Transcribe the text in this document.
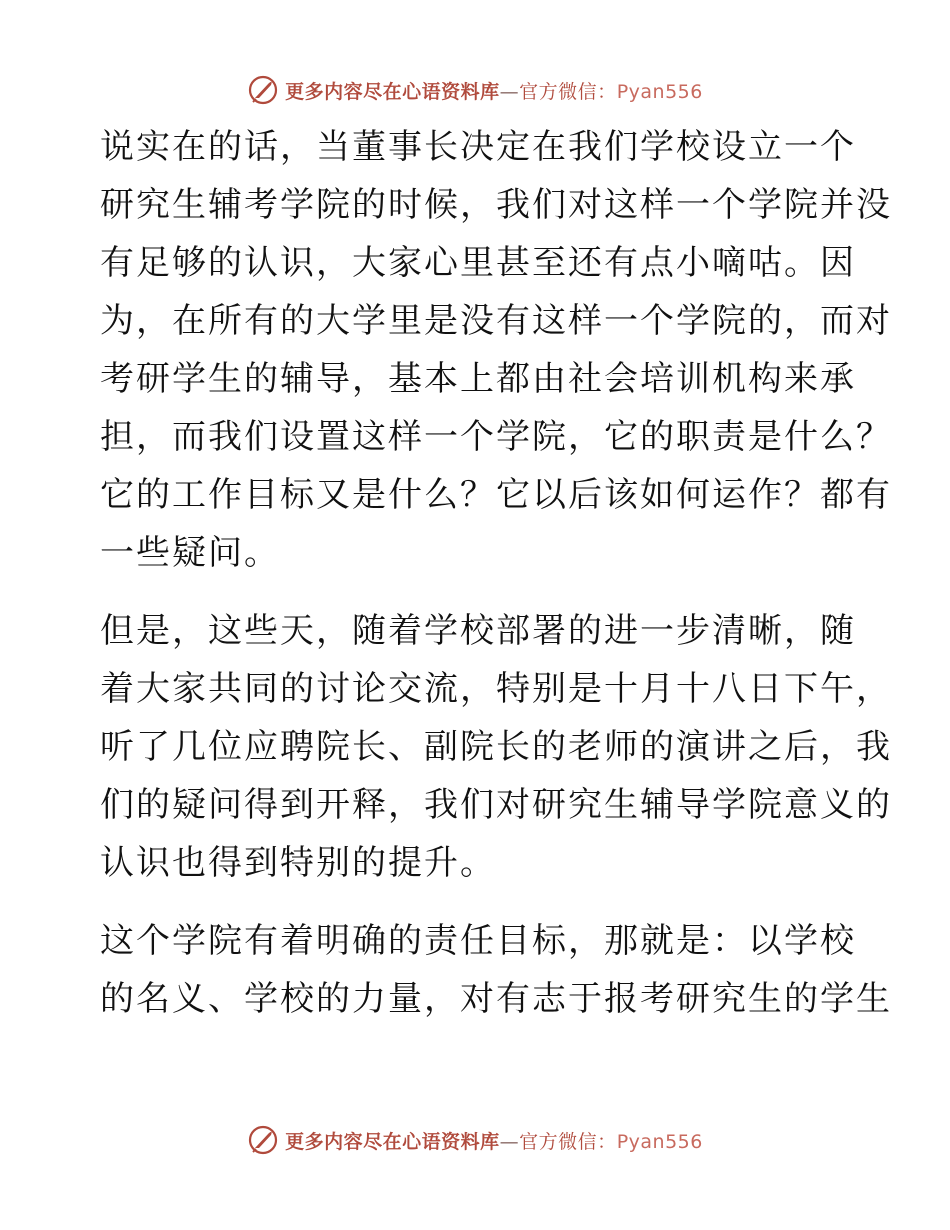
更多内容尽在心语资料库—官方微信：Pyan556
说实在的话，当董事长决定在我们学校设立一个
研究生辅考学院的时候，我们对这样一个学院并没
有足够的认识，大家心里甚至还有点小嘀咕。因
为，在所有的大学里是没有这样一个学院的，而对
考研学生的辅导，基本上都由社会培训机构来承
担，而我们设置这样一个学院，它的职责是什么？
它的工作目标又是什么？它以后该如何运作？都有
一些疑问。
但是，这些天，随着学校部署的进一步清晰，随
着大家共同的讨论交流，特别是十月十八日下午，
听了几位应聘院长、副院长的老师的演讲之后，我
们的疑问得到开释，我们对研究生辅导学院意义的
认识也得到特别的提升。
这个学院有着明确的责任目标，那就是：以学校
的名义、学校的力量，对有志于报考研究生的学生
更多内容尽在心语资料库—官方微信：Pyan556
